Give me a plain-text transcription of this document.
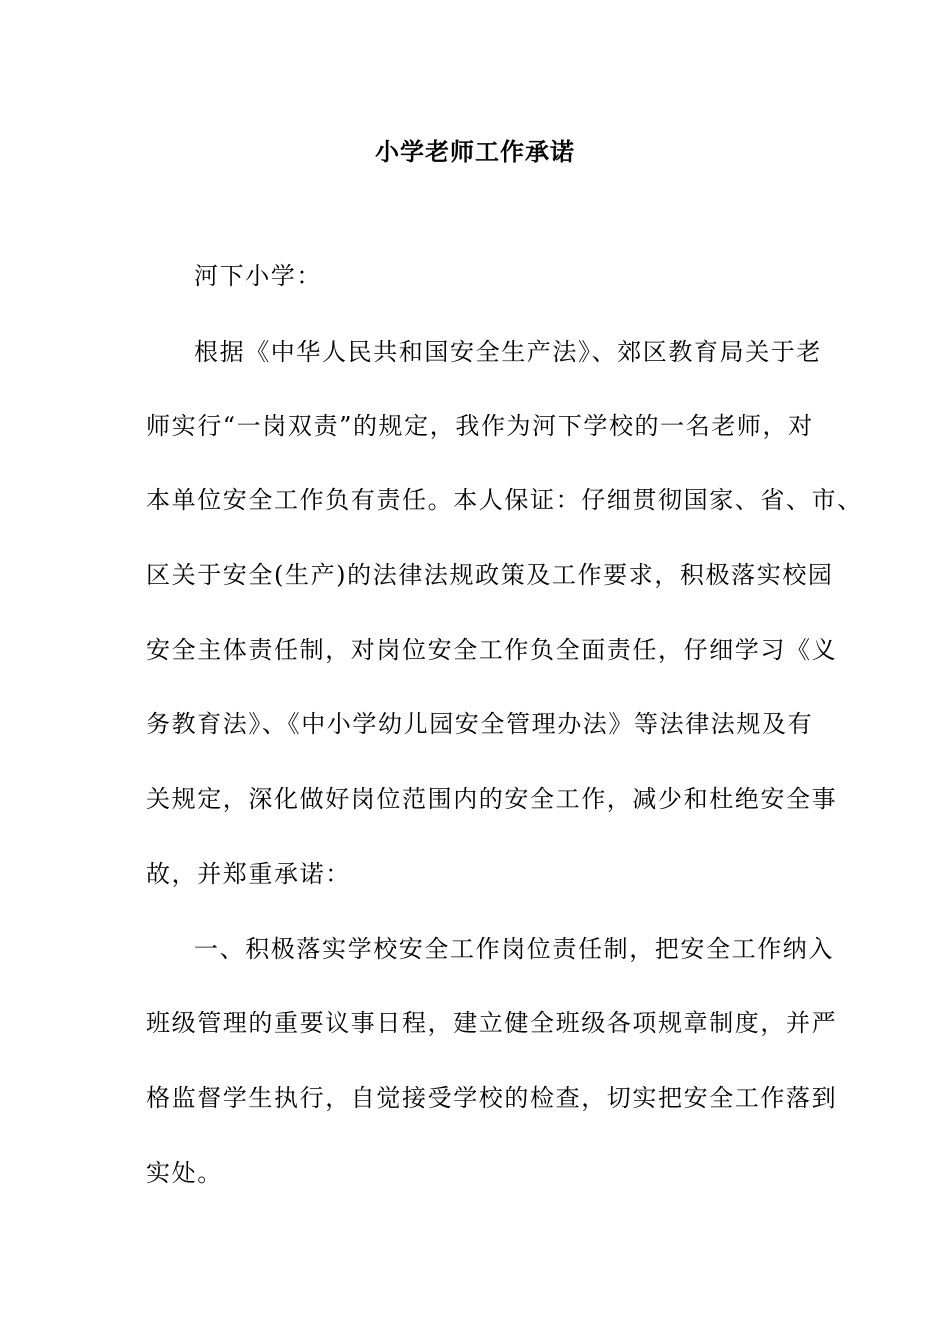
小学老师工作承诺
河下小学：
根据《中华人民共和国安全生产法》、郊区教育局关于老
师实行“一岗双责”的规定，我作为河下学校的一名老师，对
本单位安全工作负有责任。本人保证：仔细贯彻国家、省、市、
区关于安全(生产)的法律法规政策及工作要求，积极落实校园
安全主体责任制，对岗位安全工作负全面责任，仔细学习《义
务教育法》、《中小学幼儿园安全管理办法》等法律法规及有
关规定，深化做好岗位范围内的安全工作，减少和杜绝安全事
故，并郑重承诺：
一、积极落实学校安全工作岗位责任制，把安全工作纳入
班级管理的重要议事日程，建立健全班级各项规章制度，并严
格监督学生执行，自觉接受学校的检查，切实把安全工作落到
实处。
